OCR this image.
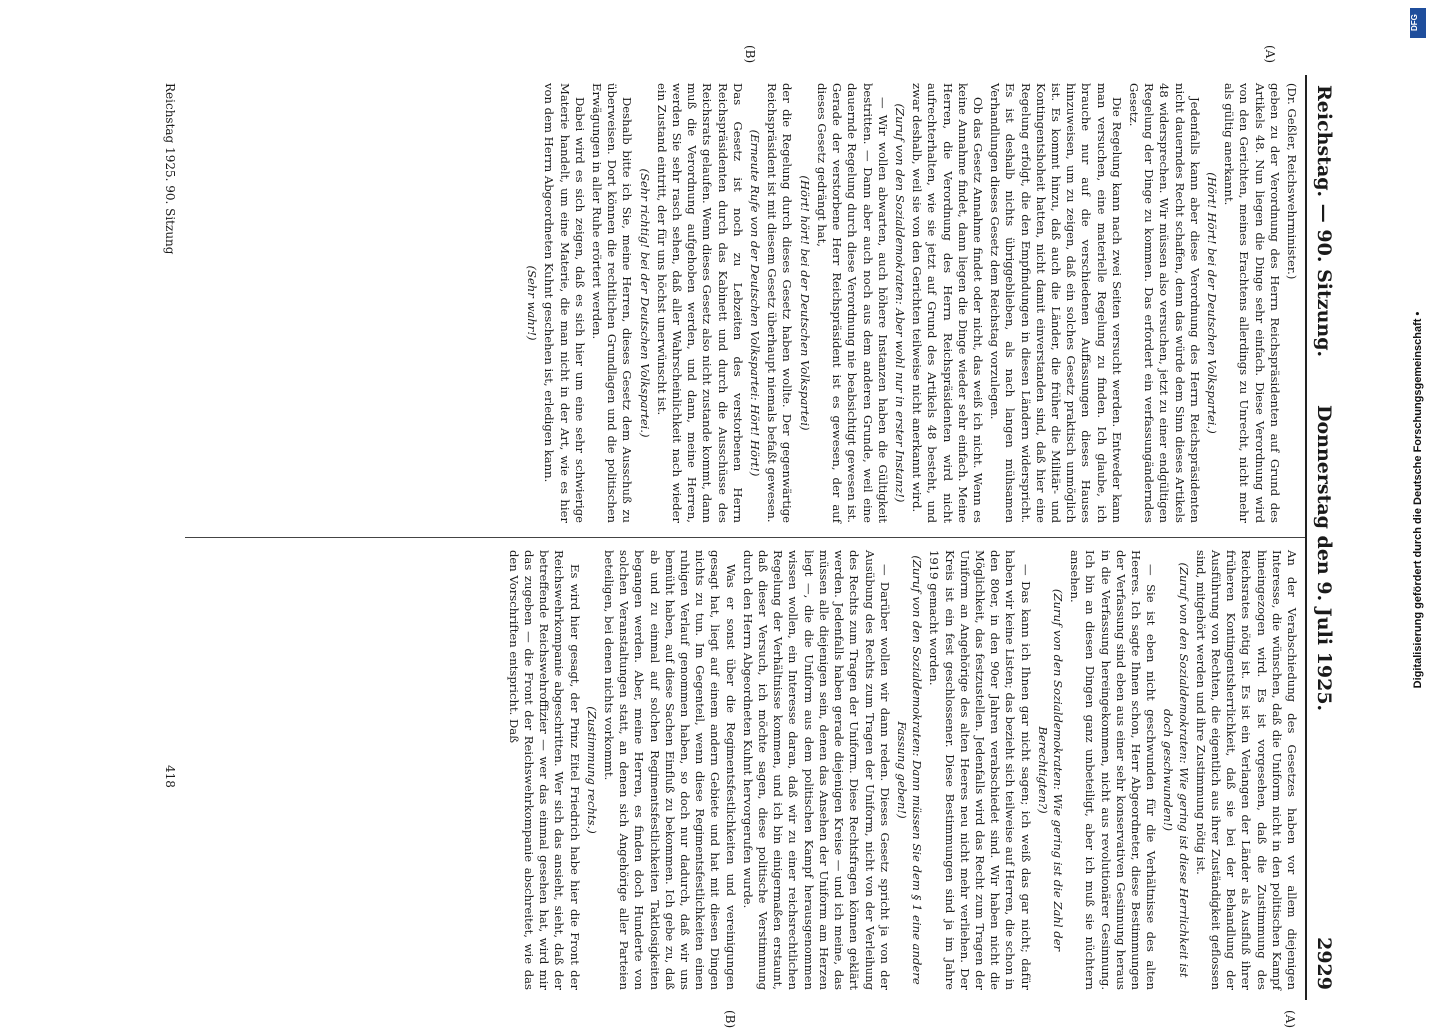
Reichstag. — 90. Sitzung.
Donnerstag den 9. Juli 1925.
2929
(A)
(B)
(A)
(B)

(Dr. Geßler, Reichswehrminister.)

geben zu der Verordnung des Herrn Reichspräsidenten auf Grund des Artikels 48. Nun liegen die Dinge sehr einfach. Diese Verordnung wird von den Gerichten, meines Erachtens allerdings zu Unrecht, nicht mehr als gültig anerkannt.

(Hört! Hört! bei der Deutschen Volkspartei.)

Jedenfalls kann aber diese Verordnung des Herrn Reichspräsidenten nicht dauerndes Recht schaffen, denn das würde dem Sinn dieses Artikels 48 widersprechen. Wir müssen also versuchen, jetzt zu einer endgültigen Regelung der Dinge zu kommen. Das erfordert ein verfassungänderndes Gesetz.

Die Regelung kann nach zwei Seiten versucht werden. Entweder kann man versuchen, eine materielle Regelung zu finden. Ich glaube, ich brauche nur auf die verschiedenen Auffassungen dieses Hauses hinzuweisen, um zu zeigen, daß ein solches Gesetz praktisch unmöglich ist. Es kommt hinzu, daß auch die Länder, die früher die Militär- und Kontingentshoheit hatten, nicht damit einverstanden sind, daß hier eine Regelung erfolgt, die den Empfindungen in diesen Ländern widerspricht. Es ist deshalb nichts übriggeblieben, als nach langen mühsamen Verhandlungen dieses Gesetz dem Reichstag vorzulegen.

Ob das Gesetz Annahme findet oder nicht, das weiß ich nicht. Wenn es keine Annahme findet, dann liegen die Dinge wieder sehr einfach. Meine Herren, die Verordnung des Herrn Reichspräsidenten wird nicht aufrechterhalten, wie sie jetzt auf Grund des Artikels 48 besteht, und zwar deshalb, weil sie von den Gerichten teilweise nicht anerkannt wird.

(Zuruf von den Sozialdemokraten: Aber wohl nur in erster Instanz!)

— Wir wollen abwarten, auch höhere Instanzen haben die Gültigkeit bestritten. — Dann aber auch noch aus dem anderen Grunde, weil eine dauernde Regelung durch diese Verordnung nie beabsichtigt gewesen ist. Gerade der verstorbene Herr Reichspräsident ist es gewesen, der auf dieses Gesetz gedrängt hat,

(Hört! hört! bei der Deutschen Volkspartei)

der die Regelung durch dieses Gesetz haben wollte. Der gegenwärtige Reichspräsident ist mit diesem Gesetz überhaupt niemals befaßt gewesen.

(Erneute Rufe von der Deutschen Volkspartei: Hört! Hört!)

Das Gesetz ist noch zu Lebzeiten des verstorbenen Herrn Reichspräsidenten durch das Kabinett und durch die Ausschüsse des Reichsrats gelaufen. Wenn dieses Gesetz also nicht zustande kommt, dann muß die Verordnung aufgehoben werden, und dann, meine Herren, werden Sie sehr rasch sehen, daß aller Wahrscheinlichkeit nach wieder ein Zustand eintritt, der für uns höchst unerwünscht ist.

(Sehr richtig! bei der Deutschen Volkspartei.)

Deshalb bitte ich Sie, meine Herren, dieses Gesetz dem Ausschuß zu überweisen. Dort können die rechtlichen Grundlagen und die politischen Erwägungen in aller Ruhe erörtert werden.

Dabei wird es sich zeigen, daß es sich hier um eine sehr schwierige Materie handelt, um eine Materie, die man nicht in der Art, wie es hier von dem Herrn Abgeordneten Kuhnt geschehen ist, erledigen kann.

(Sehr wahr!)

An der Verabschiedung des Gesetzes haben vor allem diejenigen Interesse, die wünschen, daß die Uniform nicht in den politischen Kampf hineingezogen wird. Es ist vorgesehen, daß die Zustimmung des Reichsrates nötig ist. Es ist ein Verlangen der Länder als Ausfluß ihrer früheren Kontingentsherrlichkeit, daß sie bei der Behandlung der Ausführung von Rechten, die eigentlich aus ihrer Zuständigkeit geflossen sind, mitgehört werden und ihre Zustimmung nötig ist.

(Zuruf von den Sozialdemokraten: Wie gering ist diese Herrlichkeit ist doch geschwunden!)

— Sie ist eben nicht geschwunden für die Verhältnisse des alten Heeres. Ich sagte Ihnen schon, Herr Abgeordneter, diese Bestimmungen der Verfassung sind eben aus einer sehr konservativen Gesinnung heraus in die Verfassung hereingekommen, nicht aus revolutionärer Gesinnung. Ich bin an diesen Dingen ganz unbeteiligt, aber ich muß sie nüchtern ansehen.

(Zuruf von den Sozialdemokraten: Wie gering ist die Zahl der Berechtigten?)

— Das kann ich Ihnen gar nicht sagen; ich weiß das gar nicht; dafür haben wir keine Listen; das bezieht sich teilweise auf Herren, die schon in den 80er, in den 90er Jahren verabschiedet sind. Wir haben nicht die Möglichkeit, das festzustellen. Jedenfalls wird das Recht zum Tragen der Uniform an Angehörige des alten Heeres neu nicht mehr verliehen. Der Kreis ist ein fest geschlossener. Diese Bestimmungen sind ja im Jahre 1919 gemacht worden.

(Zuruf von den Sozialdemokraten: Dann müssen Sie dem § 1 eine andere Fassung geben!)

— Darüber wollen wir dann reden. Dieses Gesetz spricht ja von der Ausübung des Rechts zum Tragen der Uniform, nicht von der Verleihung des Rechts zum Tragen der Uniform. Diese Rechtsfragen können geklärt werden. Jedenfalls haben gerade diejenigen Kreise — und ich meine, das müssen alle diejenigen sein, denen das Ansehen der Uniform am Herzen liegt —, die die Uniform aus dem politischen Kampf herausgenommen wissen wollen, ein Interesse daran, daß wir zu einer reichsrechtlichen Regelung der Verhältnisse kommen, und ich bin einigermaßen erstaunt, daß dieser Versuch, ich möchte sagen, diese politische Verstimmung durch den Herrn Abgeordneten Kuhnt hervorgerufen wurde.

Was er sonst über die Regimentsfestlichkeiten und vereinigungen gesagt hat, liegt auf einem andern Gebiete und hat mit diesen Dingen nichts zu tun. Im Gegenteil, wenn diese Regimentsfestlichkeiten einen ruhigen Verlauf genommen haben, so doch nur dadurch, daß wir uns bemüht haben, auf diese Sachen Einfluß zu bekommen. Ich gebe zu, daß ab und zu einmal auf solchen Regimentsfestlichkeiten Taktlosigkeiten begangen werden. Aber, meine Herren, es finden doch Hunderte von solchen Veranstaltungen statt, an denen sich Angehörige aller Parteien beteiligen, bei denen nichts vorkommt.

(Zustimmung rechts.)

Es wird hier gesagt, der Prinz Eitel Friedrich habe hier die Front der Reichswehrkompanie abgeschritten. Wer sich das ansieht, sieht, daß der betreffende Reichswehroffizier — wer das einmal gesehen hat, wird mir das zugeben — die Front der Reichswehrkompanie abschreitet, wie das den Vorschriften entspricht. Daß

Reichstag 1925. 90. Sitzung
418
DFG
Digitalisierung gefördert durch die Deutsche Forschungsgemeinschaft •
